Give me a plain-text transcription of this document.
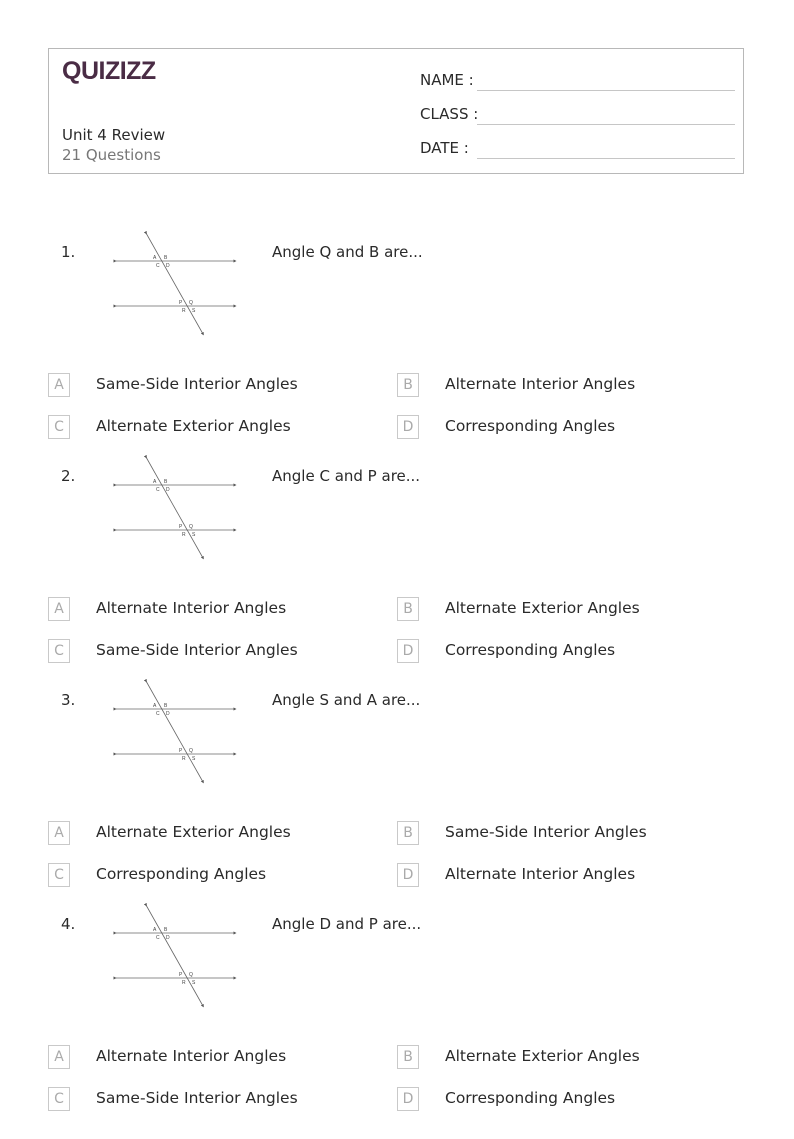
QUIZIZZ
Unit 4 Review
21 Questions
NAME :
CLASS :
DATE :
1.	A B
C D
P Q
R S
Angle Q and B are...
A	Same-Side Interior Angles	B	Alternate Interior Angles
C	Alternate Exterior Angles	D	Corresponding Angles
2.	A B
C D
P Q
R S
Angle C and P are...
A	Alternate Interior Angles	B	Alternate Exterior Angles
C	Same-Side Interior Angles	D	Corresponding Angles
3.	A B
C D
P Q
R S
Angle S and A are...
A	Alternate Exterior Angles	B	Same-Side Interior Angles
C	Corresponding Angles	D	Alternate Interior Angles
4.	A B
C D
P Q
R S
Angle D and P are...
A	Alternate Interior Angles	B	Alternate Exterior Angles
C	Same-Side Interior Angles	D	Corresponding Angles
